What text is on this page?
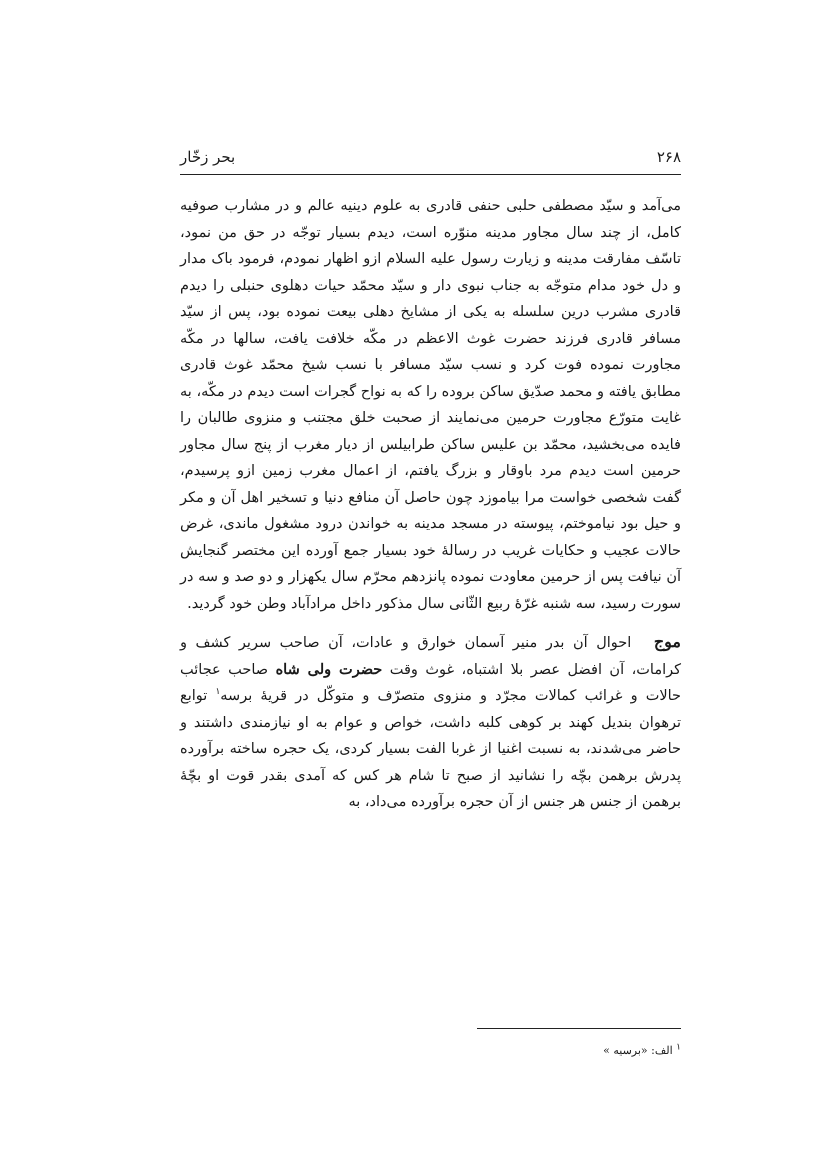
۲۶۸
بحر زخّار

می‌آمد و سیّد مصطفی حلبی حنفی قادری به علوم دینیه عالم و در مشارب صوفیه کامل، از چند سال مجاور مدینه منوّره است، دیدم بسیار توجّه در حق من نمود، تاسّف مفارقت مدینه و زیارت رسول علیه السلام ازو اظهار نمودم، فرمود باک مدار و دل خود مدام متوجّه به جناب نبوی دار و سیّد محمّد حیات دهلوی حنبلی را دیدم قادری مشرب درین سلسله به یکی از مشایخ دهلی بیعت نموده بود، پس از سیّد مسافر قادری فرزند حضرت غوث الاعظم در مکّه خلافت یافت، سالها در مکّه مجاورت نموده فوت کرد و نسب سیّد مسافر با نسب شیخ محمّد غوث قادری مطابق یافته و محمد صدّیق ساکن بروده را که به نواح گجرات است دیدم در مکّه، به غایت متورّع مجاورت حرمین می‌نمایند از صحبت خلق مجتنب و منزوی طالبان را فایده می‌بخشید، محمّد بن علیس ساکن طرابیلس از دیار مغرب از پنج سال مجاور حرمین است دیدم مرد باوقار و بزرگ یافتم، از اعمال مغرب زمین ازو پرسیدم، گفت شخصی خواست مرا بیاموزد چون حاصل آن منافع دنیا و تسخیر اهل آن و مکر و حیل بود نیاموختم، پیوسته در مسجد مدینه به خواندن درود مشغول ماندی، غرض حالات عجیب و حکایات غریب در رسالهٔ خود بسیار جمع آورده این مختصر گنجایش آن نیافت پس از حرمین معاودت نموده پانزدهم محرّم سال یکهزار و دو صد و سه در سورت رسید، سه شنبه غرّهٔ ربیع الثّانی سال مذکور داخل مرادآباد وطن خود گردید.

موج احوال آن بدر منیر آسمان خوارق و عادات، آن صاحب سریر کشف و کرامات، آن افضل عصر بلا اشتباه، غوث وقت حضرت ولی شاه صاحب عجائب حالات و غرائب کمالات مجرّد و منزوی متصرّف و متوکّل در قریهٔ برسه$^۱$ توابع ترهوان بندیل کهند بر کوهی کلبه داشت، خواص و عوام به او نیازمندی داشتند و حاضر می‌شدند، به نسبت اغنیا از غربا الفت بسیار کردی، یک حجره ساخته برآورده پدرش برهمن بچّه را نشانید از صبح تا شام هر کس که آمدی بقدر قوت او بچّهٔ برهمن از جنس هر جنس از آن حجره برآورده می‌داد، به

$^۱$ الف: «برسیه »
